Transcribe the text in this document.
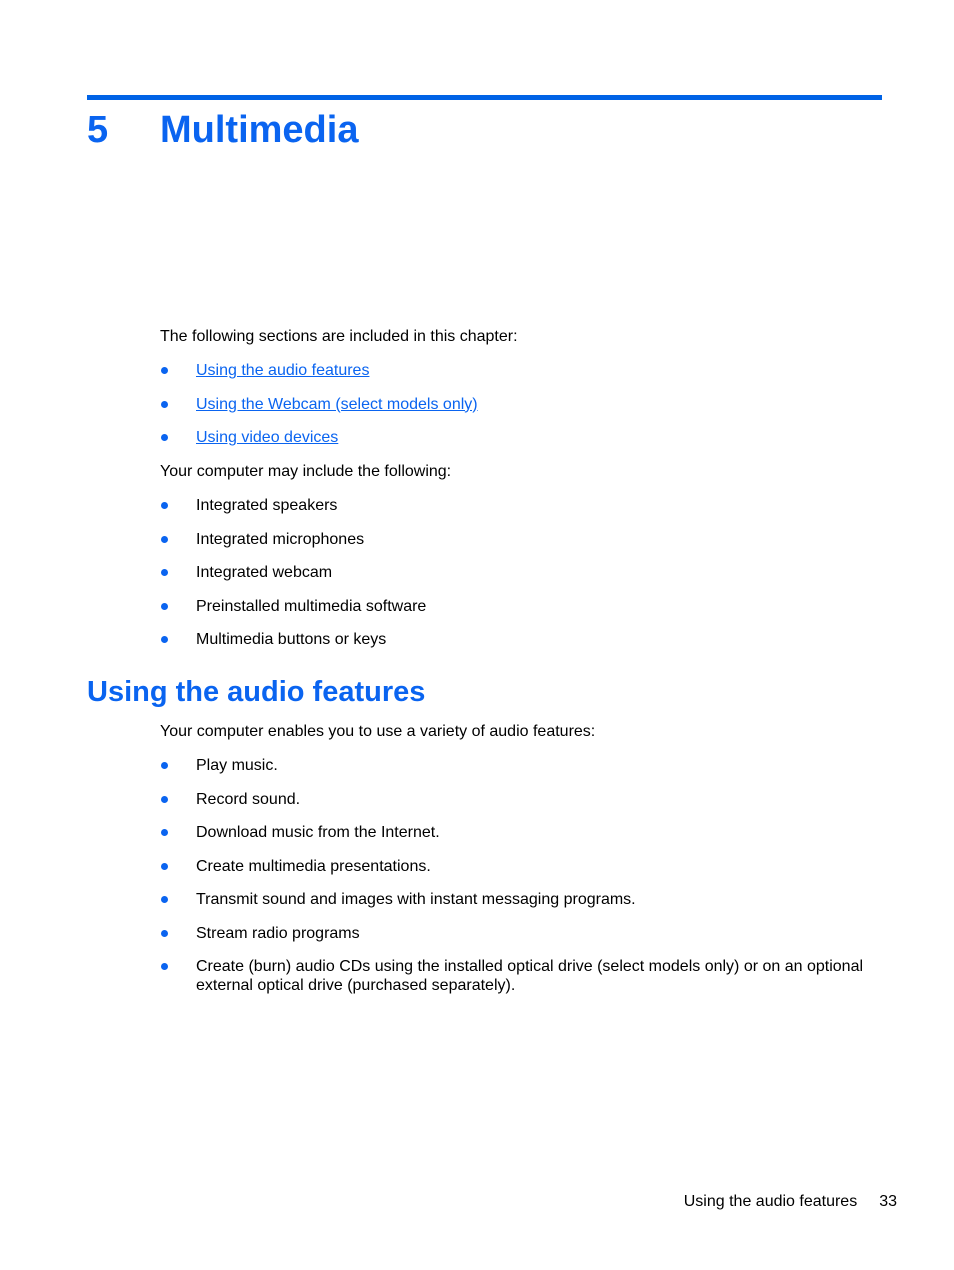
5 Multimedia

The following sections are included in this chapter:

Using the audio features
Using the Webcam (select models only)
Using video devices

Your computer may include the following:

Integrated speakers
Integrated microphones
Integrated webcam
Preinstalled multimedia software
Multimedia buttons or keys
Using the audio features

Your computer enables you to use a variety of audio features:

Play music.
Record sound.
Download music from the Internet.
Create multimedia presentations.
Transmit sound and images with instant messaging programs.
Stream radio programs
Create (burn) audio CDs using the installed optical drive (select models only) or on an optional external optical drive (purchased separately).
Using the audio features 33
